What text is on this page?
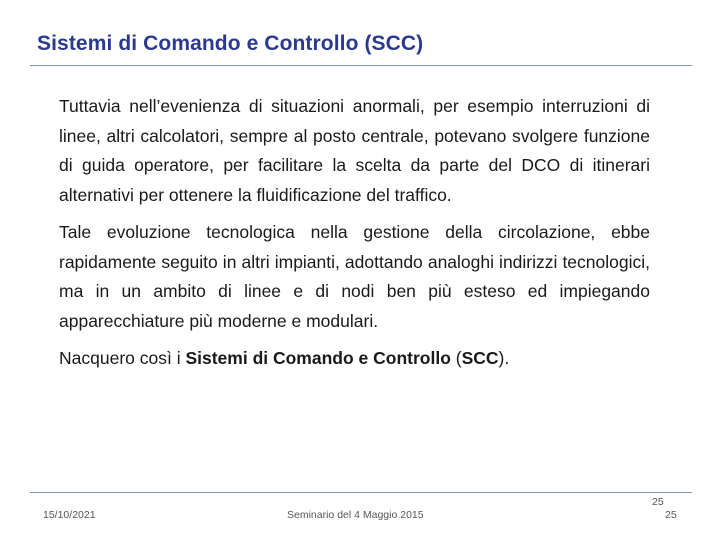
Sistemi di Comando e Controllo (SCC)

Tuttavia nell’evenienza di situazioni anormali, per esempio interruzioni di linee, altri calcolatori, sempre al posto centrale, potevano svolgere funzione di guida operatore, per facilitare la scelta da parte del DCO di itinerari alternativi per ottenere la fluidificazione del traffico.

Tale evoluzione tecnologica nella gestione della circolazione, ebbe rapidamente seguito in altri impianti, adottando analoghi indirizzi tecnologici, ma in un ambito di linee e di nodi ben più esteso ed impiegando apparecchiature più moderne e modulari.

Nacquero così i Sistemi di Comando e Controllo (SCC).

15/10/2021	Seminario del 4 Maggio 2015
25
25
